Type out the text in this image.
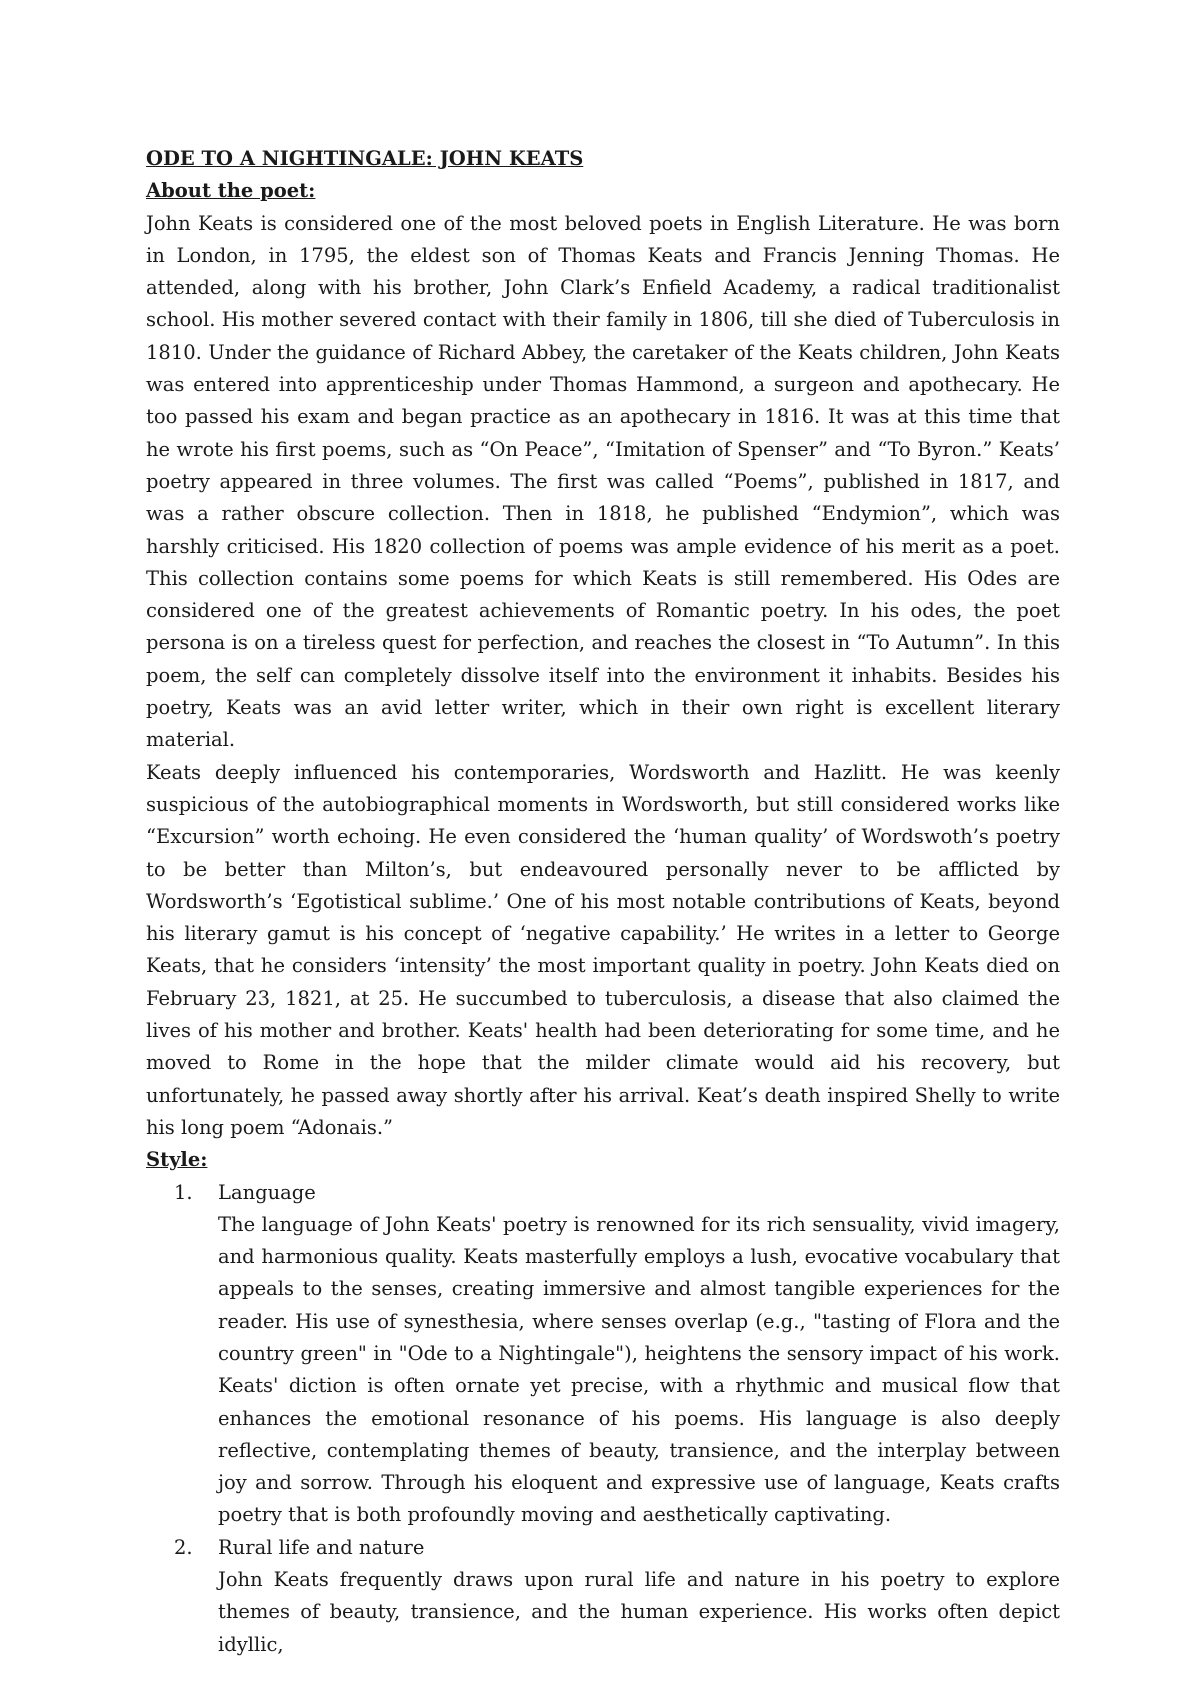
ODE TO A NIGHTINGALE: JOHN KEATS
About the poet:

John Keats is considered one of the most beloved poets in English Literature. He was born in London, in 1795, the eldest son of Thomas Keats and Francis Jenning Thomas. He attended, along with his brother, John Clark’s Enfield Academy, a radical traditionalist school. His mother severed contact with their family in 1806, till she died of Tuberculosis in 1810. Under the guidance of Richard Abbey, the caretaker of the Keats children, John Keats was entered into apprenticeship under Thomas Hammond, a surgeon and apothecary. He too passed his exam and began practice as an apothecary in 1816. It was at this time that he wrote his first poems, such as “On Peace”, “Imitation of Spenser” and “To Byron.” Keats’ poetry appeared in three volumes. The first was called “Poems”, published in 1817, and was a rather obscure collection. Then in 1818, he published “Endymion”, which was harshly criticised. His 1820 collection of poems was ample evidence of his merit as a poet. This collection contains some poems for which Keats is still remembered. His Odes are considered one of the greatest achievements of Romantic poetry. In his odes, the poet persona is on a tireless quest for perfection, and reaches the closest in “To Autumn”. In this poem, the self can completely dissolve itself into the environment it inhabits. Besides his poetry, Keats was an avid letter writer, which in their own right is excellent literary material.

Keats deeply influenced his contemporaries, Wordsworth and Hazlitt. He was keenly suspicious of the autobiographical moments in Wordsworth, but still considered works like “Excursion” worth echoing. He even considered the ‘human quality’ of Wordswoth’s poetry to be better than Milton’s, but endeavoured personally never to be afflicted by Wordsworth’s ‘Egotistical sublime.’ One of his most notable contributions of Keats, beyond his literary gamut is his concept of ‘negative capability.’ He writes in a letter to George Keats, that he considers ‘intensity’ the most important quality in poetry. John Keats died on February 23, 1821, at 25. He succumbed to tuberculosis, a disease that also claimed the lives of his mother and brother. Keats' health had been deteriorating for some time, and he moved to Rome in the hope that the milder climate would aid his recovery, but unfortunately, he passed away shortly after his arrival. Keat’s death inspired Shelly to write his long poem “Adonais.”

Style:
1. Language
The language of John Keats' poetry is renowned for its rich sensuality, vivid imagery, and harmonious quality. Keats masterfully employs a lush, evocative vocabulary that appeals to the senses, creating immersive and almost tangible experiences for the reader. His use of synesthesia, where senses overlap (e.g., "tasting of Flora and the country green" in "Ode to a Nightingale"), heightens the sensory impact of his work. Keats' diction is often ornate yet precise, with a rhythmic and musical flow that enhances the emotional resonance of his poems. His language is also deeply reflective, contemplating themes of beauty, transience, and the interplay between joy and sorrow. Through his eloquent and expressive use of language, Keats crafts poetry that is both profoundly moving and aesthetically captivating.
2. Rural life and nature
John Keats frequently draws upon rural life and nature in his poetry to explore themes of beauty, transience, and the human experience. His works often depict idyllic,
